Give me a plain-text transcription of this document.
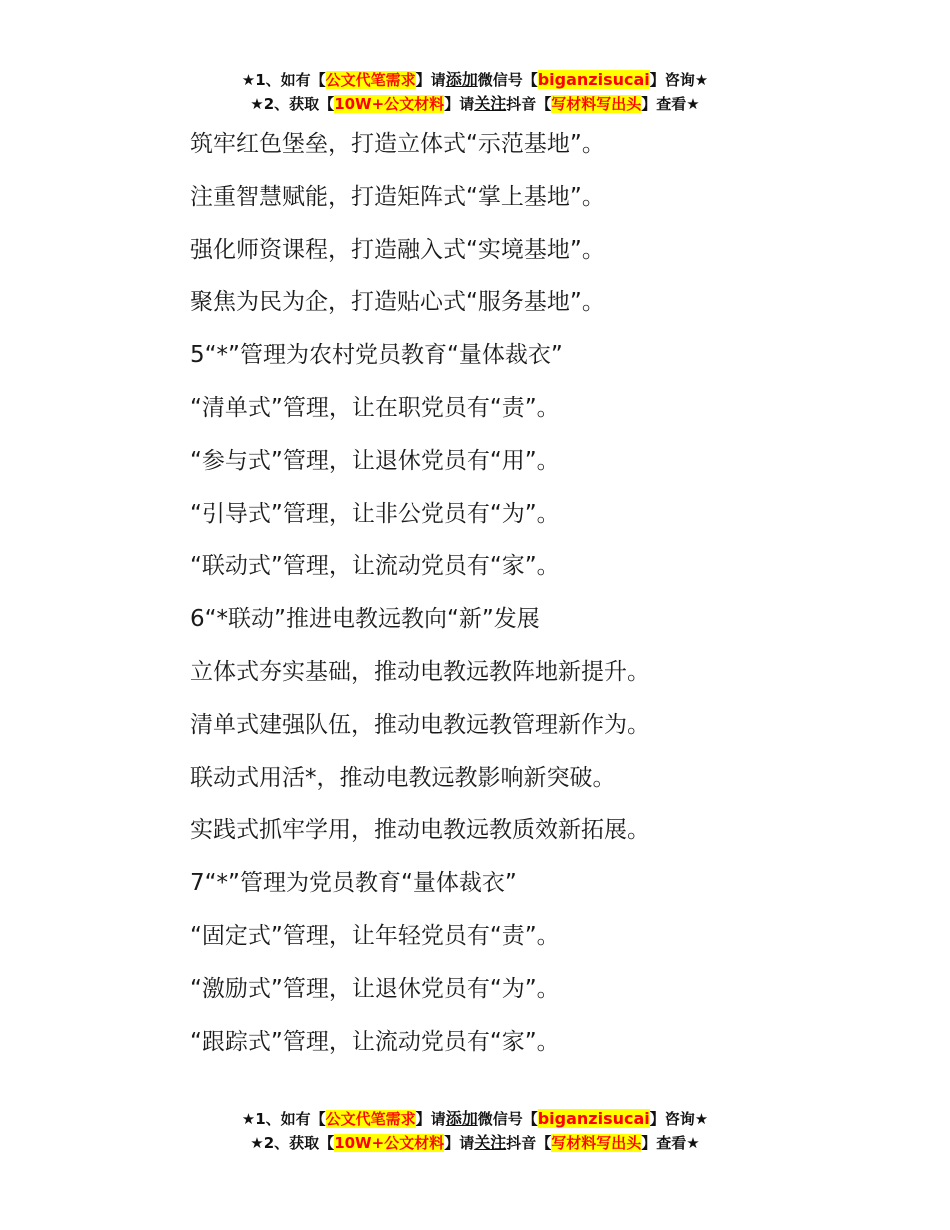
★1、如有【公文代笔需求】请添加微信号【biganzisucai】咨询★
★2、获取【10W+公文材料】请关注抖音【写材料写出头】查看★
筑牢红色堡垒，打造立体式“示范基地”。
注重智慧赋能，打造矩阵式“掌上基地”。
强化师资课程，打造融入式“实境基地”。
聚焦为民为企，打造贴心式“服务基地”。
5“*”管理为农村党员教育“量体裁衣”
“清单式”管理，让在职党员有“责”。
“参与式”管理，让退休党员有“用”。
“引导式”管理，让非公党员有“为”。
“联动式”管理，让流动党员有“家”。
6“*联动”推进电教远教向“新”发展
立体式夯实基础，推动电教远教阵地新提升。
清单式建强队伍，推动电教远教管理新作为。
联动式用活*，推动电教远教影响新突破。
实践式抓牢学用，推动电教远教质效新拓展。
7“*”管理为党员教育“量体裁衣”
“固定式”管理，让年轻党员有“责”。
“激励式”管理，让退休党员有“为”。
“跟踪式”管理，让流动党员有“家”。
★1、如有【公文代笔需求】请添加微信号【biganzisucai】咨询★
★2、获取【10W+公文材料】请关注抖音【写材料写出头】查看★
